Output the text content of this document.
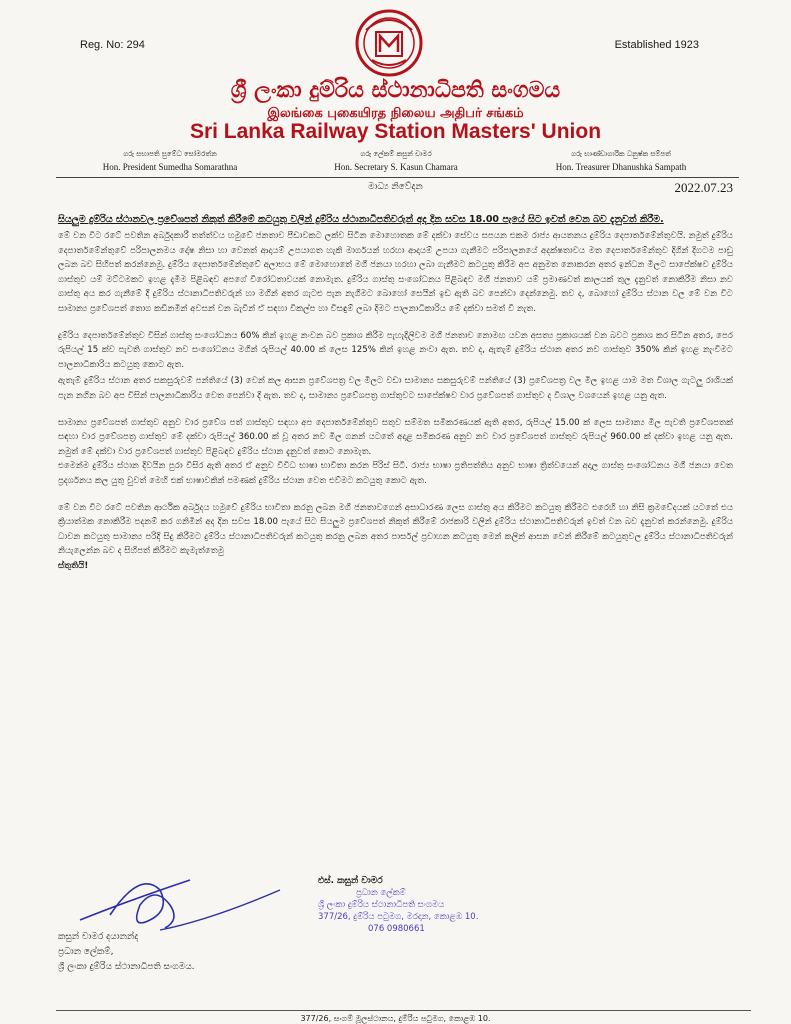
Reg. No: 294	Established 1923
ශ්‍රී ලංකා දුම්රිය ස්ථානාධිපති සංගමය
இலங்கை புகையிரத நிலைய அதிபர் சங்கம்
Sri Lanka Railway Station Masters' Union
ගරු සභාපති සුමේධ සෝමරත්න
Hon. President Sumedha Somarathna
ගරු ලේකම් කසුන් චාමර
Hon. Secretary S. Kasun Chamara
ගරු භාණ්ඩාගාරික ධනුෂ්ක සම්පත්
Hon. Treasurer Dhanushka Sampath
මාධ්‍ය නිවේදන	2022.07.23

සියලුම දුම්රිය ස්ථානවල ප්‍රවේශපත් නිකුත් කිරීමේ කටයුතු වලින් දුම්රිය ස්ථානාධිපතිවරුන් අද දින සවස 18.00 පැයේ සිට ඉවත් වෙන බව දැනුවත් කිරීම.

මේ වන විට රටේ පවතින අර්බුදකාරී තත්ත්වය හමුවේ ජනතාව පීඩාවකට ලක්ව සිටින මොහොතක මේ දක්වා සේවය සපයන එකම රාජ්‍ය ආයතනය දුම්රිය දෙපාර්තමේන්තුවයි. නමුත් දුම්රිය දෙපාර්තමේන්තුවේ පරිපාලනමය දෝෂ නිසා හා වෙනත් ආදායම් උපයාගත හැකි මාර්ගයන් හරහා ආදායම් උපයා ගැනීමට පරිපාලනයේ අදක්ෂතාවය මත දෙපාර්තමේන්තුව දිගින් දිගටම පාඩු ලබන බව සිහිපත් කරන්නෙමු. දුම්රිය දෙපාර්තමේන්තුවේ අලාභය මේ මොහොතේ මගී ජනයා හරහා ලබා ගැනීමට කටයුතු කිරීම අප අනුමත නොකරන අතර ඉන්ධන මිලට සාපේක්ෂව දුම්රිය ගාස්තුව යම් මට්ටමකට ඉහළ දැමීම පිළිබඳව අපගේ විරෝධතාවයක් නොමැත. දුම්රිය ගාස්තු සංශෝධනය පිළිබඳව මගී ජනතාව යම් ප්‍රමාණවත් කාලයක් තුල දැනුවත් නොකිරීම නිසා නව ගාස්තු අය කර ගැනීමේ දී දුම්රිය ස්ථානාධිපතිවරුන් හා මගීන් අතර ගැටළු පැන නැගීමට බොහෝ සෙයින් ඉඩ ඇති බව පෙන්වා දෙන්නෙමු. තව ද, බොහෝ දුම්රිය ස්ථාන වල මේ වන විට සාමාන්‍ය ප්‍රවේශපත් තොග කඩිනමින් අවසන් වන බැවින් ඒ සඳහා විකල්ප හා විසඳුම් ලබා දිමට පාලනාධිකාරිය මේ දක්වා සමත් වී නැත.

දුම්රිය දෙපාර්තමේන්තුව විසින් ගාස්තු සංශෝධනය 60% කින් ඉහළ නංවන බව ප්‍රකාශ කිරීම පැහැදිලිවම මගී ජනතාව නොමඟ යවන අසත්‍ය ප්‍රකාශයක් වන බවට ප්‍රකාශ කර සිටින අතර, පෙර රුපියල් 15 ක්ව පැවති ගාස්තුව නව සංශෝධනය මගින් රුපියල් 40.00 ක් ලෙස 125% කින් ඉහළ නංවා ඇත. තව ද, ඇතැම් දුම්රිය ස්ථාන අතර නව ගාස්තුව 350% කින් ඉහළ නැංවීමට පාලනාධිකාරිය කටයුතු කොට ඇත.

ඇතැම් දුම්රිය ස්ථාන අතර සකසුරුවම් පන්තියේ (3) වෙන් කල ආසන ප්‍රවේශපත්‍ර වල මිලට වඩා සාමාන්‍ය සකසුරුවම් පන්තියේ (3) ප්‍රවේශපත්‍ර වල මිල ඉහළ යාම මත විශාල ගැටලු රාශියක් පැන නගින බව අප විසින් පාලනාධිකාරිය වෙත පෙන්වා දි ඇත. තව ද, සාමාන්‍ය ප්‍රවේශපත්‍ර ගාස්තුවට සාපේක්ෂව වාර ප්‍රවේශපත් ගාස්තුව ද විශාල වශයෙන් ඉහළ යනු ඇත.

සාමාන්‍ය ප්‍රවේශපත් ගාස්තුව අනුව වාර ප්‍රවේශ පත් ගාස්තුව සඳහා අප දෙපාර්තමේන්තුව සතුව සම්මත සමීකරණයක් ඇති අතර, රුපියල් 15.00 ක් ලෙස සාමාන්‍ය මිල පැවති ප්‍රවේශපතක් සඳහා වාර ප්‍රවේශපත්‍ර ගාස්තුව මේ දක්වා රුපියල් 360.00 ක් වූ අතර නව මිල ගනන් යටතේ අදාළ සමීකරණ අනුව නව වාර ප්‍රවේශපත් ගාස්තුව රුපියල් 960.00 ක් දක්වා ඉහළ යනු ඇත. නමුත් මේ දක්වා වාර ප්‍රවේශපත් ගාස්තුව පිළිබඳව දුම්රිය ස්ථාන දැනුවත් කොට නොමැත.
එමෙන්ම දුම්රිය ස්ථාන දිවයින පුරා විසිර ඇති අතර ඒ අනුව විවිධ භාෂා භාවිතා කරන පිරිස් සිටී. රාජ්‍ය භාෂා ප්‍රතිපත්තිය අනුව භාෂා ත්‍රිත්වයෙන් අදාල ගාස්තු සංශෝධනය මගී ජනයා වෙත ප්‍රදර්ශනය කල යුතු වුවත් මෙහි එක් භාෂාවකින් පමණක් දුම්රිය ස්ථාන වෙත එව්මට කටයුතු කොට ඇත.

මේ වන විට රටේ පවතින ආර්ථික අර්බුදය හමුවේ දුම්රිය භාවිතා කරනු ලබන මගී ජනතාවගෙන් අසාධාරණ ලෙස ගාස්තු අය කිරීමට කටයුතු කිරීමට එරෙහි හා නිසි ක්‍රමවේදයක් යටතේ එය ක්‍රියාත්මක නොකිරීම පදනම් කර ගනිමින් අද දින සවස 18.00 පැයේ සිට සියලුම ප්‍රවේශපත් නිකුත් කිරීමේ රාජකාරි වලින් දුම්රිය ස්ථානාධිපතිවරුන් ඉවත් වන බව දැනුවත් කරන්නෙමු. දුම්රිය ධාවන කටයුතු සාමාන්‍ය පරිදි සිදු කිරීමට දුම්රිය ස්ථානාධිපතිවරුන් කටයුතු කරනු ලබන අතර පාර්සල් ප්‍රවාහන කටයුතු මෙන් කලින් ආසන වෙන් කිරීමේ කටයුතුවල දුම්රිය ස්ථානාධිපතිවරුන් නියැලෙන්න බව ද සිහිපත් කිරීමට කැමැත්තෙමු

ස්තුතියි!
එස්. කසුන් චාමර
ප්‍රධාන ලේකම්
ශ්‍රී ලංකා දුම්රිය ස්ථානාධිපති සංගමය
377/26, දුම්රිය පටුමග, මරදාන, කොළඹ 10.
076 0980661
කසුන් චාමර දයානන්ද
ප්‍රධාන ලේකම්,
ශ්‍රී ලංකා දුම්රිය ස්ථානාධිපති සංගමය.
377/26, සංගම් මූලස්ථානය, දුම්රිය පටුමග, කොළඹ 10.
